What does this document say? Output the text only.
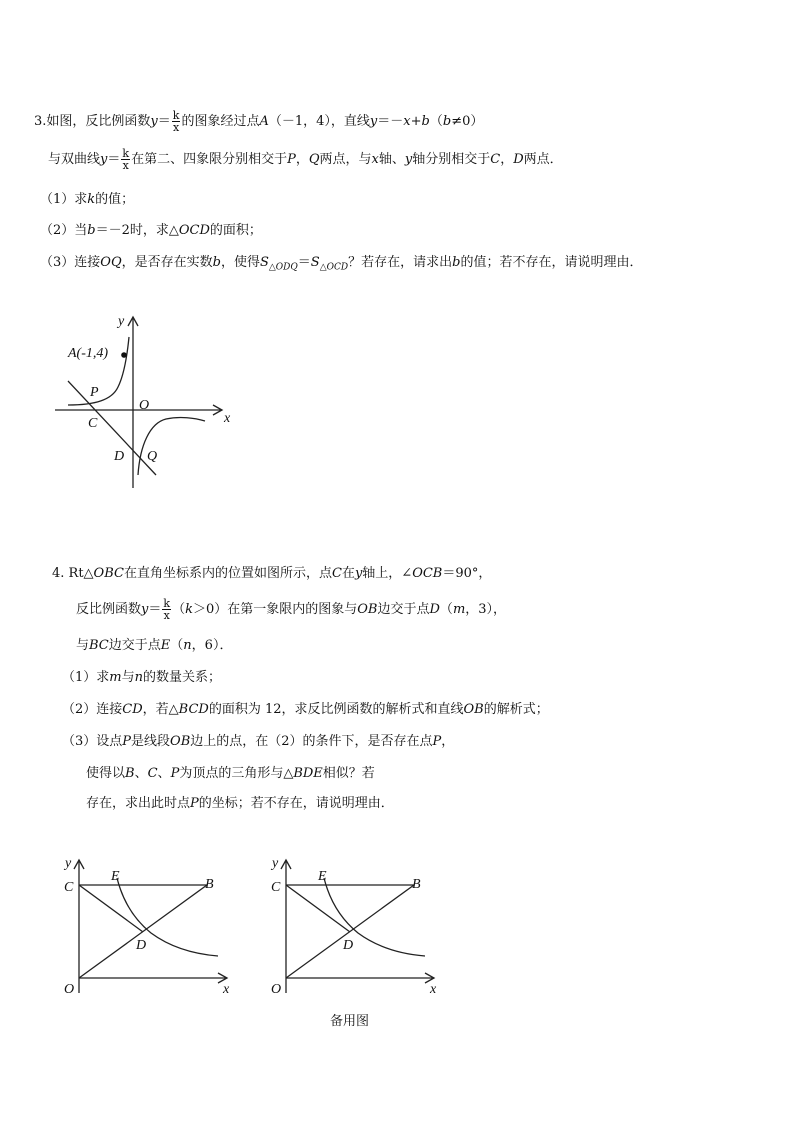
3.如图，反比例函数$y= \frac{k}{x}$ 的图象经过点A（－1，4），直线y＝－x+b（b≠0）
与双曲线$y= \frac{k}{x}$ 在第二、四象限分别相交于P，Q两点，与x轴、y轴分别相交于C，D两点．
（1）求k的值；
（2）当b＝－2时，求△OCD的面积；
（3）连接OQ，是否存在实数b，使得$S_{\triangle ODQ}=S_{\triangle OCD}$？若存在，请求出b的值；若不存在，请说明理由．
y
x
O
A(-1,4)
P
C
D Q
4. Rt△OBC在直角坐标系内的位置如图所示，点C在y轴上，∠OCB＝90°，
反比例函数$y= \frac{k}{x} (k>0)$在第一象限内的图象与OB边交于点D（m，3），
与BC边交于点E（n，6）．
（1）求m与n的数量关系；
（2）连接CD，若△BCD的面积为 12，求反比例函数的解析式和直线OB的解析式；
（3）设点P是线段OB边上的点，在（2）的条件下，是否存在点P，
使得以B、C、P为顶点的三角形与△BDE相似？若
存在，求出此时点P的坐标；若不存在，请说明理由．
y
x
O
C
E
B
D
y
x
O
C
E
B
D
备用图
